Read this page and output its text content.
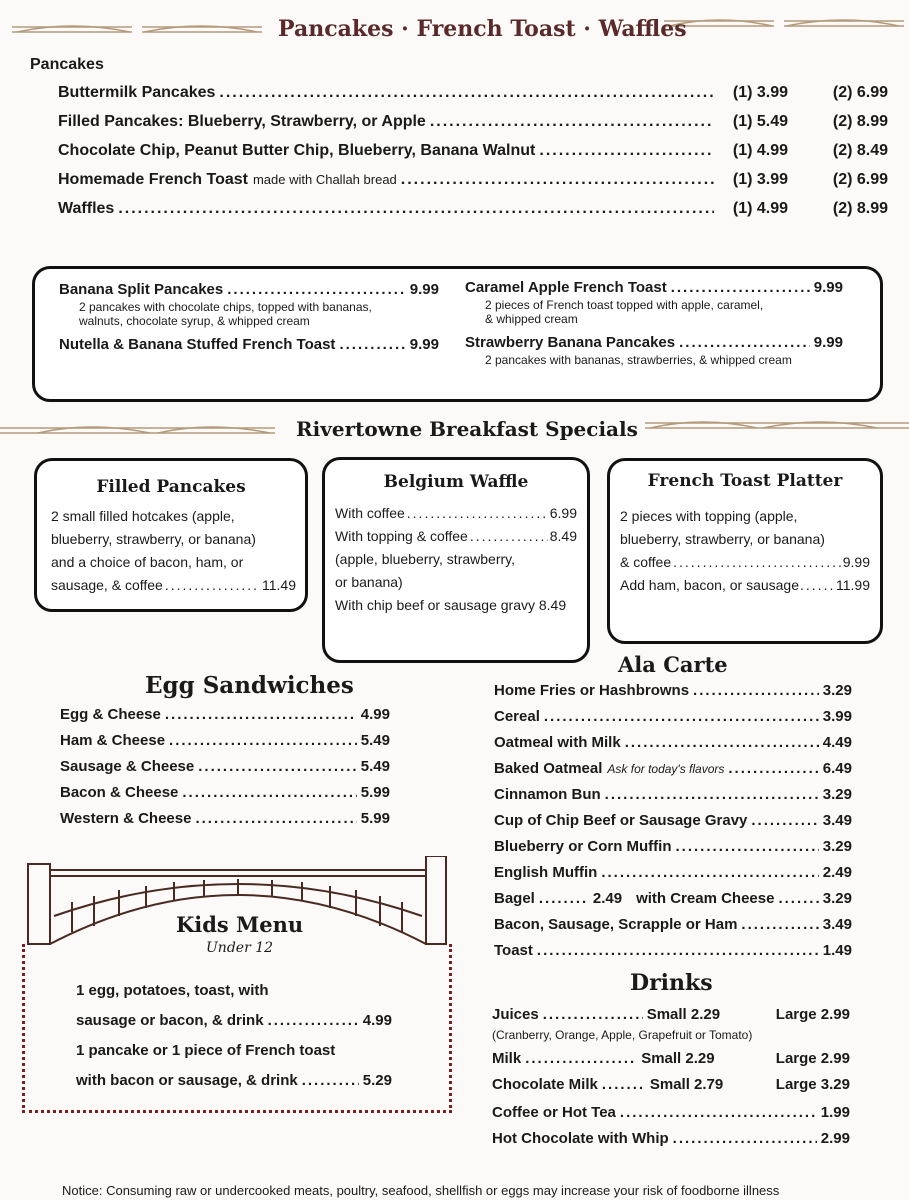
Pancakes · French Toast · Waffles
Pancakes
Buttermilk Pancakes .....	(1) 3.99	(2) 6.99
Filled Pancakes: Blueberry, Strawberry, or Apple .....	(1) 5.49	(2) 8.99
Chocolate Chip, Peanut Butter Chip, Blueberry, Banana Walnut .....	(1) 4.99	(2) 8.49
Homemade French Toast made with Challah bread .....	(1) 3.99	(2) 6.99
Waffles .....	(1) 4.99	(2) 8.99
Banana Split Pancakes .....	9.99
2 pancakes with chocolate chips, topped with bananas,
walnuts, chocolate syrup, & whipped cream
Nutella & Banana Stuffed French Toast .....	9.99
Caramel Apple French Toast .....	9.99
2 pieces of French toast topped with apple, caramel,
& whipped cream
Strawberry Banana Pancakes .....	9.99
2 pancakes with bananas, strawberries, & whipped cream
Rivertowne Breakfast Specials
Filled Pancakes
2 small filled hotcakes (apple,
blueberry, strawberry, or banana)
and a choice of bacon, ham, or
sausage, & coffee .....	11.49
Belgium Waffle
With coffee .....	6.99
With topping & coffee .....	8.49
(apple, blueberry, strawberry,
or banana)
With chip beef or sausage gravy 8.49
French Toast Platter
2 pieces with topping (apple,
blueberry, strawberry, or banana)
& coffee .....	9.99
Add ham, bacon, or sausage .....	11.99
Egg Sandwiches
Egg & Cheese .....	4.99
Ham & Cheese .....	5.49
Sausage & Cheese .....	5.49
Bacon & Cheese .....	5.99
Western & Cheese .....	5.99
Kids Menu
Under 12
1 egg, potatoes, toast, with
sausage or bacon, & drink .....	4.99
1 pancake or 1 piece of French toast
with bacon or sausage, & drink .....	5.29
Ala Carte
Home Fries or Hashbrowns .....	3.29
Cereal .....	3.99
Oatmeal with Milk .....	4.49
Baked Oatmeal Ask for today's flavors .....	6.49
Cinnamon Bun .....	3.29
Cup of Chip Beef or Sausage Gravy .....	3.49
Blueberry or Corn Muffin .....	3.29
English Muffin .....	2.49
Bagel .....	2.49 with Cream Cheese .....	3.29
Bacon, Sausage, Scrapple or Ham .....	3.49
Toast .....	1.49
Drinks
Juices .....	Small 2.29	Large 2.99
(Cranberry, Orange, Apple, Grapefruit or Tomato)
Milk .....	Small 2.29	Large 2.99
Chocolate Milk .....	Small 2.79	Large 3.29
Coffee or Hot Tea .....	1.99
Hot Chocolate with Whip .....	2.99
Notice: Consuming raw or undercooked meats, poultry, seafood, shellfish or eggs may increase your risk of foodborne illness
